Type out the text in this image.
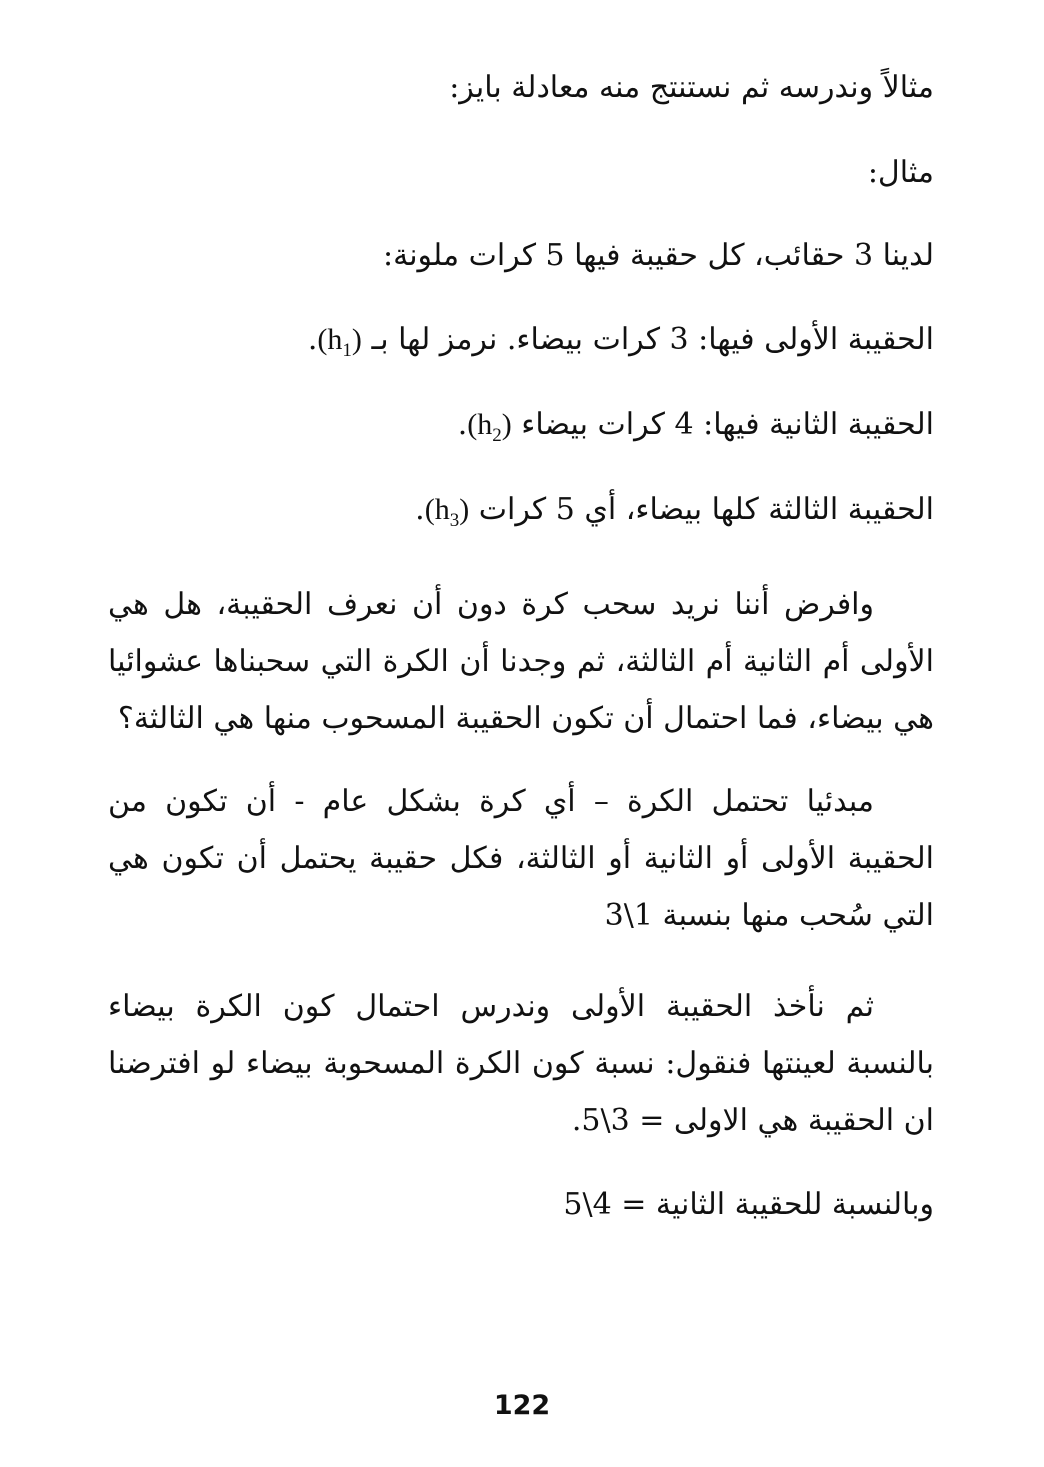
مثالاً وندرسه ثم نستنتج منه معادلة بايز:
مثال:
لدينا 3 حقائب، كل حقيبة فيها 5 كرات ملونة:
الحقيبة الأولى فيها: 3 كرات بيضاء. نرمز لها بـ $(h_1)$.
الحقيبة الثانية فيها: 4 كرات بيضاء $(h_2)$.
الحقيبة الثالثة كلها بيضاء، أي 5 كرات $(h_3)$.
وافرض أننا نريد سحب كرة دون أن نعرف الحقيبة، هل هي الأولى أم الثانية أم الثالثة، ثم وجدنا أن الكرة التي سحبناها عشوائيا هي بيضاء، فما احتمال أن تكون الحقيبة المسحوب منها هي الثالثة؟
مبدئيا تحتمل الكرة – أي كرة بشكل عام - أن تكون من الحقيبة الأولى أو الثانية أو الثالثة، فكل حقيبة يحتمل أن تكون هي التي سُحب منها بنسبة 1\3
ثم نأخذ الحقيبة الأولى وندرس احتمال كون الكرة بيضاء بالنسبة لعينتها فنقول: نسبة كون الكرة المسحوبة بيضاء لو افترضنا ان الحقيبة هي الاولى = 3\5.
وبالنسبة للحقيبة الثانية = 4\5
122
